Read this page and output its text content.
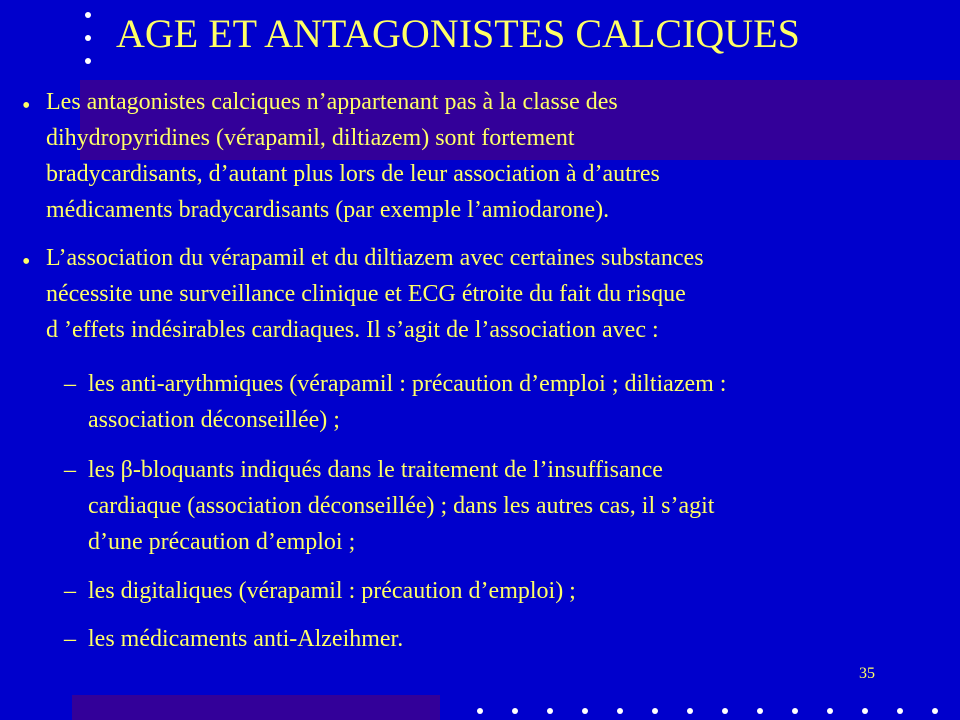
AGE ET ANTAGONISTES CALCIQUES
• Les antagonistes calciques n’appartenant pas à la classe des
dihydropyridines (vérapamil, diltiazem) sont fortement
bradycardisants, d’autant plus lors de leur association à d’autres
médicaments bradycardisants (par exemple l’amiodarone).
• L’association du vérapamil et du diltiazem avec certaines substances
nécessite une surveillance clinique et ECG étroite du fait du risque
d ’effets indésirables cardiaques. Il s’agit de l’association avec :
– les anti-arythmiques (vérapamil : précaution d’emploi ; diltiazem :
association déconseillée) ;
– les β-bloquants indiqués dans le traitement de l’insuffisance
cardiaque (association déconseillée) ; dans les autres cas, il s’agit
d’une précaution d’emploi ;
– les digitaliques (vérapamil : précaution d’emploi) ;
– les médicaments anti-Alzeihmer.
35
